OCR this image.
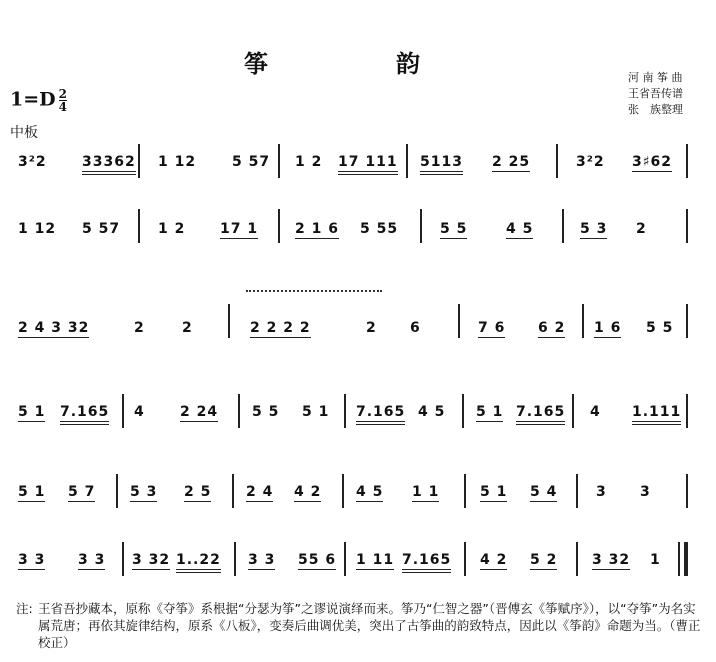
筝　韵
$1=D \frac{2}{4}$
中板
河 南 筝 曲
王省吾传谱
张　族整理
3²2	33362 1 12	5 57 1 2 17 111 5113 2 25	3²2 3♯62
1 12 5 57	1 2 17 1	2 1 6 5 55	5 5	4 5	5 3 2
2 4 3 32	2	2	2 2 2 2	2 6	7 6 6 2 1 6 5 5
5 1 7.165 4	2 24 5 5 5 1 7.165 4 5 5 1 7.165 4 1.111
5 1 5 7 5 3 2 5 2 4 4 2 4 5 1 1	5 1 5 4	3 3
3 3 3 3 3 32 1..22 3 3 55 6 1 11 7.165 4 2 5 2 3 32 1
注: 王省吾抄藏本，原称《夺筝》系根据“分瑟为筝”之谬说演绎而来。筝乃“仁智之器”（晋傅玄《筝赋序》），以“夺筝”为名实属荒唐；再依其旋律结构，原系《八板》，变奏后曲调优美，突出了古筝曲的韵致特点，因此以《筝韵》命题为当。（曹正校正）
